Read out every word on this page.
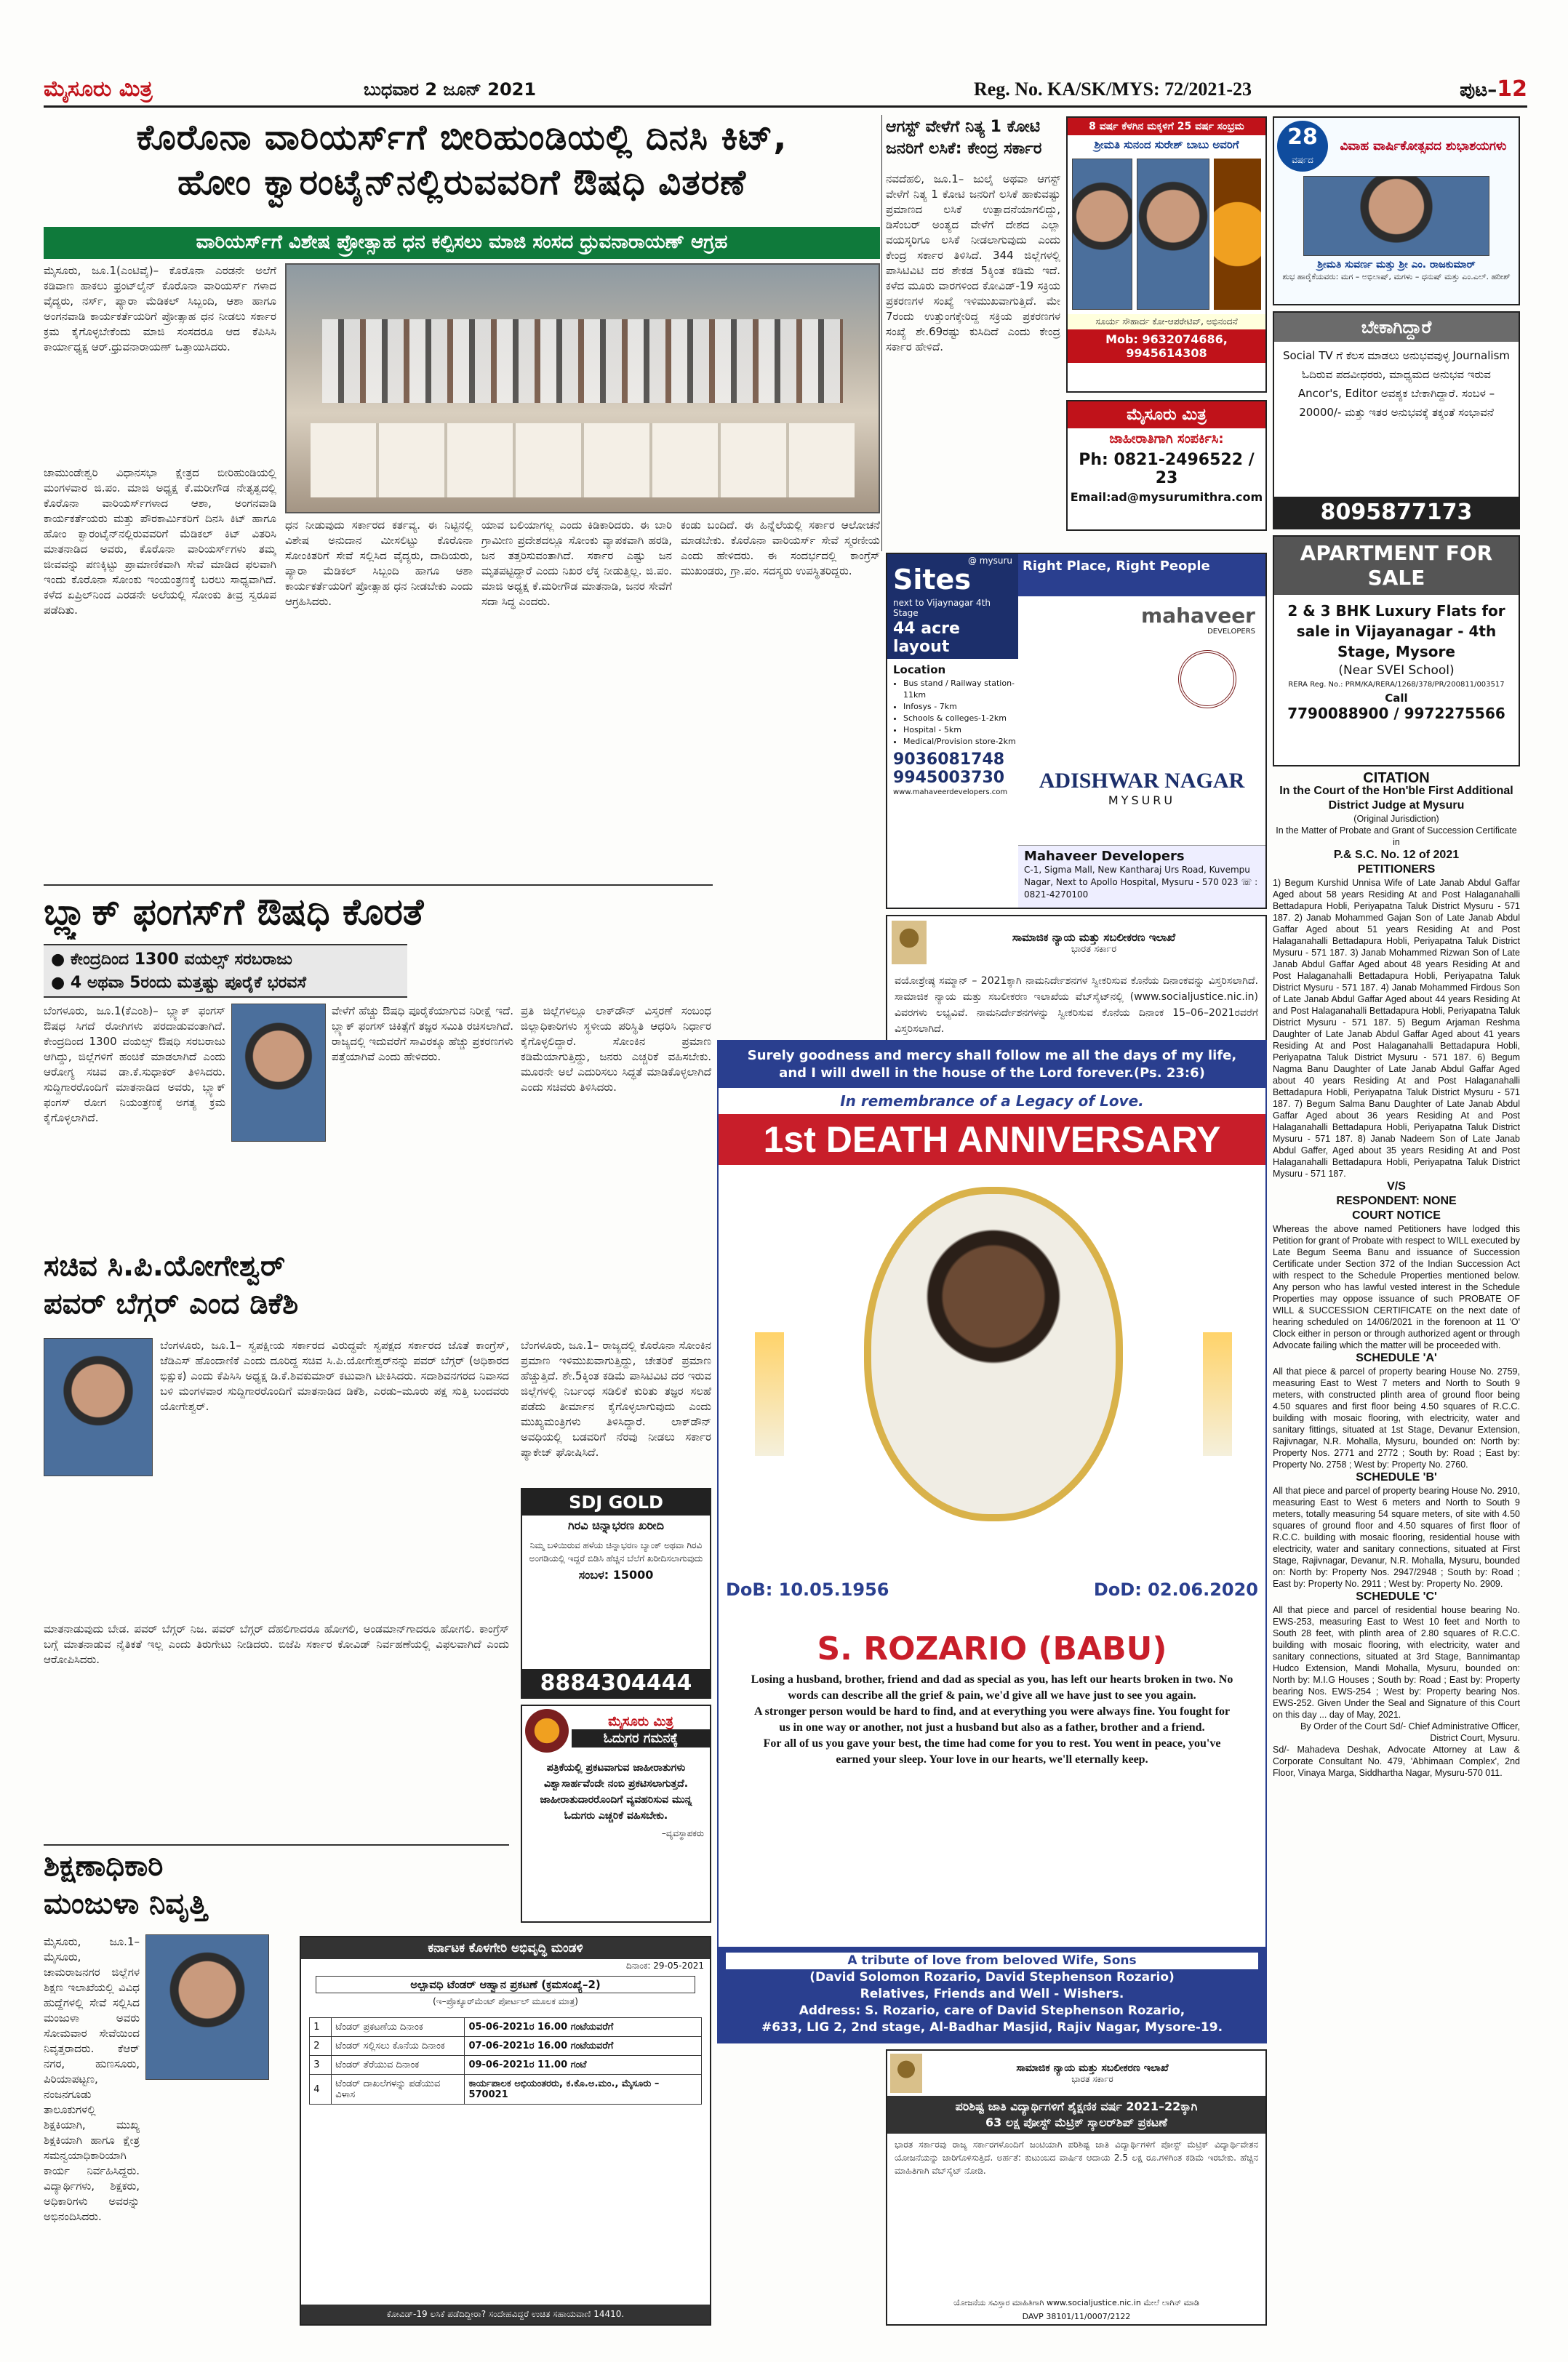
ಮೈಸೂರು ಮಿತ್ರ	ಬುಧವಾರ 2 ಜೂನ್ 2021	Reg. No. KA/SK/MYS: 72/2021-23	ಪುಟ–12
ಕೊರೊನಾ ವಾರಿಯರ್ಸ್‌ಗೆ ಬೀರಿಹುಂಡಿಯಲ್ಲಿ ದಿನಸಿ ಕಿಟ್,
ಹೋಂ ಕ್ವಾರಂಟೈನ್‌ನಲ್ಲಿರುವವರಿಗೆ ಔಷಧಿ ವಿತರಣೆ
ವಾರಿಯರ್ಸ್‌ಗೆ ವಿಶೇಷ ಪ್ರೋತ್ಸಾಹ ಧನ ಕಲ್ಪಿಸಲು ಮಾಜಿ ಸಂಸದ ಧ್ರುವನಾರಾಯಣ್ ಆಗ್ರಹ

ಮೈಸೂರು, ಜೂ.1(ಎಂಟಿವೈ)– ಕೊರೊನಾ ಎರಡನೇ ಅಲೆಗೆ ಕಡಿವಾಣ ಹಾಕಲು ಫ್ರಂಟ್‌ಲೈನ್ ಕೊರೊನಾ ವಾರಿಯರ್ಸ್ ಗಳಾದ ವೈದ್ಯರು, ನರ್ಸ್, ಪ್ಯಾರಾ ಮೆಡಿಕಲ್ ಸಿಬ್ಬಂದಿ, ಆಶಾ ಹಾಗೂ ಅಂಗನವಾಡಿ ಕಾರ್ಯಕರ್ತೆಯರಿಗೆ ಪ್ರೋತ್ಸಾಹ ಧನ ನೀಡಲು ಸರ್ಕಾರ ಕ್ರಮ ಕೈಗೊಳ್ಳಬೇಕೆಂದು ಮಾಜಿ ಸಂಸದರೂ ಆದ ಕೆಪಿಸಿಸಿ ಕಾರ್ಯಾಧ್ಯಕ್ಷ ಆರ್.ಧ್ರುವನಾರಾಯಣ್ ಒತ್ತಾಯಿಸಿದರು.

ಚಾಮುಂಡೇಶ್ವರಿ ವಿಧಾನಸಭಾ ಕ್ಷೇತ್ರದ ಬೀರಿಹುಂಡಿಯಲ್ಲಿ ಮಂಗಳವಾರ ಜಿ.ಪಂ. ಮಾಜಿ ಅಧ್ಯಕ್ಷ ಕೆ.ಮರೀಗೌಡ ನೇತೃತ್ವದಲ್ಲಿ ಕೊರೊನಾ ವಾರಿಯರ್ಸ್‌ಗಳಾದ ಆಶಾ, ಅಂಗನವಾಡಿ ಕಾರ್ಯಕರ್ತೆಯರು ಮತ್ತು ಪೌರಕಾರ್ಮಿಕರಿಗೆ ದಿನಸಿ ಕಿಟ್ ಹಾಗೂ ಹೋಂ ಕ್ವಾರಂಟೈನ್‌ನಲ್ಲಿರುವವರಿಗೆ ಮೆಡಿಕಲ್ ಕಿಟ್ ವಿತರಿಸಿ ಮಾತನಾಡಿದ ಅವರು, ಕೊರೊನಾ ವಾರಿಯರ್ಸ್‌ಗಳು ತಮ್ಮ ಜೀವವನ್ನು ಪಣಕ್ಕಿಟ್ಟು ಪ್ರಾಮಾಣಿಕವಾಗಿ ಸೇವೆ ಮಾಡಿದ ಫಲವಾಗಿ ಇಂದು ಕೊರೊನಾ ಸೋಂಕು ಇಂಯಂತ್ರಣಕ್ಕೆ ಬರಲು ಸಾಧ್ಯವಾಗಿದೆ. ಕಳೆದ ಏಪ್ರಿಲ್‌ನಿಂದ ಎರಡನೇ ಅಲೆಯಲ್ಲಿ ಸೋಂಕು ತೀವ್ರ ಸ್ವರೂಪ ಪಡೆದಿತು.

ಧನ ನೀಡುವುದು ಸರ್ಕಾರದ ಕರ್ತವ್ಯ. ಈ ನಿಟ್ಟಿನಲ್ಲಿ ವಿಶೇಷ ಅನುದಾನ ಮೀಸಲಿಟ್ಟು ಕೊರೊನಾ ಸೋಂಕಿತರಿಗೆ ಸೇವೆ ಸಲ್ಲಿಸಿದ ವೈದ್ಯರು, ದಾದಿಯರು, ಪ್ಯಾರಾ ಮೆಡಿಕಲ್ ಸಿಬ್ಬಂದಿ ಹಾಗೂ ಆಶಾ ಕಾರ್ಯಕರ್ತೆಯರಿಗೆ ಪ್ರೋತ್ಸಾಹ ಧನ ನೀಡಬೇಕು ಎಂದು ಆಗ್ರಹಿಸಿದರು.

ಯಾವ ಬಲಿಯಾಗಲ್ಲ ಎಂದು ಕಿಡಿಕಾರಿದರು. ಈ ಬಾರಿ ಗ್ರಾಮೀಣ ಪ್ರದೇಶದಲ್ಲೂ ಸೋಂಕು ವ್ಯಾಪಕವಾಗಿ ಹರಡಿ, ಜನ ತತ್ತರಿಸುವಂತಾಗಿದೆ. ಸರ್ಕಾರ ಎಷ್ಟು ಜನ ಮೃತಪಟ್ಟಿದ್ದಾರೆ ಎಂದು ನಿಖರ ಲೆಕ್ಕ ನೀಡುತ್ತಿಲ್ಲ. ಜಿ.ಪಂ. ಮಾಜಿ ಅಧ್ಯಕ್ಷ ಕೆ.ಮರೀಗೌಡ ಮಾತನಾಡಿ, ಜನರ ಸೇವೆಗೆ ಸದಾ ಸಿದ್ಧ ಎಂದರು.

ಕಂಡು ಬಂದಿದೆ. ಈ ಹಿನ್ನೆಲೆಯಲ್ಲಿ ಸರ್ಕಾರ ಆಲೋಚನೆ ಮಾಡಬೇಕು. ಕೊರೊನಾ ವಾರಿಯರ್ಸ್ ಸೇವೆ ಸ್ಮರಣೀಯ ಎಂದು ಹೇಳಿದರು. ಈ ಸಂದರ್ಭದಲ್ಲಿ ಕಾಂಗ್ರೆಸ್ ಮುಖಂಡರು, ಗ್ರಾ.ಪಂ. ಸದಸ್ಯರು ಉಪಸ್ಥಿತರಿದ್ದರು.

ಆಗಸ್ಟ್ ವೇಳೆಗೆ ನಿತ್ಯ 1 ಕೋಟಿ
ಜನರಿಗೆ ಲಸಿಕೆ: ಕೇಂದ್ರ ಸರ್ಕಾರ

ನವದೆಹಲಿ, ಜೂ.1– ಜುಲೈ ಅಥವಾ ಆಗಸ್ಟ್ ವೇಳೆಗೆ ನಿತ್ಯ 1 ಕೋಟಿ ಜನರಿಗೆ ಲಸಿಕೆ ಹಾಕುವಷ್ಟು ಪ್ರಮಾಣದ ಲಸಿಕೆ ಉತ್ಪಾದನೆಯಾಗಲಿದ್ದು, ಡಿಸೆಂಬರ್ ಅಂತ್ಯದ ವೇಳೆಗೆ ದೇಶದ ಎಲ್ಲಾ ವಯಸ್ಕರಿಗೂ ಲಸಿಕೆ ನೀಡಲಾಗುವುದು ಎಂದು ಕೇಂದ್ರ ಸರ್ಕಾರ ತಿಳಿಸಿದೆ. 344 ಜಿಲ್ಲೆಗಳಲ್ಲಿ ಪಾಸಿಟಿವಿಟಿ ದರ ಶೇಕಡ 5ಕ್ಕಿಂತ ಕಡಿಮೆ ಇದೆ. ಕಳೆದ ಮೂರು ವಾರಗಳಿಂದ ಕೋವಿಡ್-19 ಸಕ್ರಿಯ ಪ್ರಕರಣಗಳ ಸಂಖ್ಯೆ ಇಳಿಮುಖವಾಗುತ್ತಿದೆ. ಮೇ 7ರಂದು ಉತ್ತುಂಗಕ್ಕೇರಿದ್ದ ಸಕ್ರಿಯ ಪ್ರಕರಣಗಳ ಸಂಖ್ಯೆ ಶೇ.69ರಷ್ಟು ಕುಸಿದಿದೆ ಎಂದು ಕೇಂದ್ರ ಸರ್ಕಾರ ಹೇಳಿದೆ.

8 ವರ್ಷ ಕೆಳಗಿನ ಮಕ್ಕಳಿಗೆ 25 ವರ್ಷ ಸಂಭ್ರಮ
ಶ್ರೀಮತಿ ಸುನಂದ ಸುರೇಶ್ ಬಾಬು ಅವರಿಗೆ
ಸೂರ್ಯ ಸೌಹಾರ್ದ ಕೋ-ಆಪರೇಟಿವ್, ಅಭಿನಂದನೆ
Mob: 9632074686, 9945614308
ಮೈಸೂರು ಮಿತ್ರ
ಜಾಹೀರಾತಿಗಾಗಿ ಸಂಪರ್ಕಿಸಿ:
Ph: 0821-2496522 / 23
Email:ad@mysurumithra.com
28
ವರ್ಷದ
ವಿವಾಹ ವಾರ್ಷಿಕೋತ್ಸವದ ಶುಭಾಶಯಗಳು
ಶ್ರೀಮತಿ ಸುವರ್ಣ ಮತ್ತು ಶ್ರೀ ಎಂ. ರಾಜಕುಮಾರ್
ಶುಭ ಹಾರೈಕೆಯವರು: ಮಗ – ಅಭಿಲಾಷ್, ಮಗಳು – ಧನುಷ್ ಮತ್ತು ಎಂ.ಎಲ್. ಹರೀಶ್
ಬೇಕಾಗಿದ್ದಾರೆ
Social TV ಗೆ ಕೆಲಸ ಮಾಡಲು ಅನುಭವವುಳ್ಳ Journalism ಓದಿರುವ ಪದವೀಧರರು, ಮಾಧ್ಯಮದ ಅನುಭವ ಇರುವ Ancor's, Editor ಅವಶ್ಯಕ ಬೇಕಾಗಿದ್ದಾರೆ. ಸಂಬಳ – 20000/- ಮತ್ತು ಇತರ ಅನುಭವಕ್ಕೆ ತಕ್ಕಂತೆ ಸಂಭಾವನೆ
8095877173
APARTMENT FOR SALE
2 & 3 BHK Luxury Flats for sale in Vijayanagar - 4th Stage, Mysore
(Near SVEI School)
RERA Reg. No.: PRM/KA/RERA/1268/378/PR/200811/003517
Call
7790088900 / 9972275566
CITATION
In the Court of the Hon'ble First Additional District Judge at Mysuru
(Original Jurisdiction)
In the Matter of Probate and Grant of Succession Certificate in
P.& S.C. No. 12 of 2021
PETITIONERS

1) Begum Kurshid Unnisa Wife of Late Janab Abdul Gaffar Aged about 58 years Residing At and Post Halaganahalli Bettadapura Hobli, Periyapatna Taluk District Mysuru - 571 187. 2) Janab Mohammed Gajan Son of Late Janab Abdul Gaffar Aged about 51 years Residing At and Post Halaganahalli Bettadapura Hobli, Periyapatna Taluk District Mysuru - 571 187. 3) Janab Mohammed Rizwan Son of Late Janab Abdul Gaffar Aged about 48 years Residing At and Post Halaganahalli Bettadapura Hobli, Periyapatna Taluk District Mysuru - 571 187. 4) Janab Mohammed Firdous Son of Late Janab Abdul Gaffar Aged about 44 years Residing At and Post Halaganahalli Bettadapura Hobli, Periyapatna Taluk District Mysuru - 571 187. 5) Begum Arjaman Reshma Daughter of Late Janab Abdul Gaffar Aged about 41 years Residing At and Post Halaganahalli Bettadapura Hobli, Periyapatna Taluk District Mysuru - 571 187. 6) Begum Nagma Banu Daughter of Late Janab Abdul Gaffar Aged about 40 years Residing At and Post Halaganahalli Bettadapura Hobli, Periyapatna Taluk District Mysuru - 571 187. 7) Begum Salma Banu Daughter of Late Janab Abdul Gaffar Aged about 36 years Residing At and Post Halaganahalli Bettadapura Hobli, Periyapatna Taluk District Mysuru - 571 187. 8) Janab Nadeem Son of Late Janab Abdul Gaffer, Aged about 35 years Residing At and Post Halaganahalli Bettadapura Hobli, Periyapatna Taluk District Mysuru - 571 187.

V/S
RESPONDENT: NONE
COURT NOTICE

Whereas the above named Petitioners have lodged this Petition for grant of Probate with respect to WILL executed by Late Begum Seema Banu and issuance of Succession Certificate under Section 372 of the Indian Succession Act with respect to the Schedule Properties mentioned below. Any person who has lawful vested interest in the Schedule Properties may oppose issuance of such PROBATE OF WILL & SUCCESSION CERTIFICATE on the next date of hearing scheduled on 14/06/2021 in the forenoon at 11 'O' Clock either in person or through authorized agent or through Advocate failing which the matter will be proceeded with.

SCHEDULE 'A'

All that piece & parcel of property bearing House No. 2759, measuring East to West 7 meters and North to South 9 meters, with constructed plinth area of ground floor being 4.50 squares and first floor being 4.50 squares of R.C.C. building with mosaic flooring, with electricity, water and sanitary fittings, situated at 1st Stage, Devanur Extension, Rajivnagar, N.R. Mohalla, Mysuru, bounded on: North by: Property Nos. 2771 and 2772 ; South by: Road ; East by: Property No. 2758 ; West by: Property No. 2760.

SCHEDULE 'B'

All that piece and parcel of property bearing House No. 2910, measuring East to West 6 meters and North to South 9 meters, totally measuring 54 square meters, of site with 4.50 squares of ground floor and 4.50 squares of first floor of R.C.C. building with mosaic flooring, residential house with electricity, water and sanitary connections, situated at First Stage, Rajivnagar, Devanur, N.R. Mohalla, Mysuru, bounded on: North by: Property Nos. 2947/2948 ; South by: Road ; East by: Property No. 2911 ; West by: Property No. 2909.

SCHEDULE 'C'

All that piece and parcel of residential house bearing No. EWS-253, measuring East to West 10 feet and North to South 28 feet, with plinth area of 2.80 squares of R.C.C. building with mosaic flooring, with electricity, water and sanitary connections, situated at 3rd Stage, Bannimantap Hudco Extension, Mandi Mohalla, Mysuru, bounded on: North by: M.I.G Houses ; South by: Road ; East by: Property bearing Nos. EWS-254 ; West by: Property bearing Nos. EWS-252. Given Under the Seal and Signature of this Court on this day ... day of May, 2021.

By Order of the Court Sd/- Chief Administrative Officer, District Court, Mysuru.

Sd/- Mahadeva Deshak, Advocate Attorney at Law & Corporate Consultant No. 479, 'Abhimaan Complex', 2nd Floor, Vinaya Marga, Siddhartha Nagar, Mysuru-570 011.

@ mysuru
Sites	Right Place, Right People
next to Vijaynagar 4th Stage
44 acre layout
Location
• Bus stand / Railway station-11km
• Infosys - 7km
• Schools & colleges-1-2km
• Hospital - 5km
• Medical/Provision store-2km
9036081748
9945003730
www.mahaveerdevelopers.com
mahaveer
DEVELOPERS
ADISHWAR NAGAR
MYSURU
Mahaveer Developers
C-1, Sigma Mall, New Kantharaj Urs Road, Kuvempu Nagar, Next to Apollo Hospital, Mysuru - 570 023 ☏ : 0821-4270100
ಸಾಮಾಜಿಕ ನ್ಯಾಯ ಮತ್ತು ಸಬಲೀಕರಣ ಇಲಾಖೆ
ಭಾರತ ಸರ್ಕಾರ
ವಯೋಶ್ರೇಷ್ಠ ಸಮ್ಮಾನ್ – 2021ಕ್ಕಾಗಿ ನಾಮನಿರ್ದೇಶನಗಳ ಸ್ವೀಕರಿಸುವ ಕೊನೆಯ ದಿನಾಂಕವನ್ನು ವಿಸ್ತರಿಸಲಾಗಿದೆ. ಸಾಮಾಜಿಕ ನ್ಯಾಯ ಮತ್ತು ಸಬಲೀಕರಣ ಇಲಾಖೆಯ ವೆಬ್‌ಸೈಟ್‌ನಲ್ಲಿ (www.socialjustice.nic.in) ವಿವರಗಳು ಲಭ್ಯವಿವೆ. ನಾಮನಿರ್ದೇಶನಗಳನ್ನು ಸ್ವೀಕರಿಸುವ ಕೊನೆಯ ದಿನಾಂಕ 15–06–2021ರವರೆಗೆ ವಿಸ್ತರಿಸಲಾಗಿದೆ.
Surely goodness and mercy shall follow me all the days of my life, and I will dwell in the house of the Lord forever.(Ps. 23:6)
In remembrance of a Legacy of Love.
1st DEATH ANNIVERSARY
DoB: 10.05.1956	DoD: 02.06.2020
S. ROZARIO (BABU)

Losing a husband, brother, friend and dad as special as you, has left our hearts broken in two. No words can describe all the grief & pain, we'd give all we have just to see you again.

A stronger person would be hard to find, and at everything you were always fine. You fought for us in one way or another, not just a husband but also as a father, brother and a friend.

For all of us you gave your best, the time had come for you to rest. You went in peace, you've earned your sleep. Your love in our hearts, we'll eternally keep.

A tribute of love from beloved Wife, Sons
(David Solomon Rozario, David Stephenson Rozario)
Relatives, Friends and Well - Wishers.
Address: S. Rozario, care of David Stephenson Rozario,
#633, LIG 2, 2nd stage, Al-Badhar Masjid, Rajiv Nagar, Mysore-19.
ಬ್ಲ್ಯಾಕ್ ಫಂಗಸ್‌ಗೆ ಔಷಧಿ ಕೊರತೆ
● ಕೇಂದ್ರದಿಂದ 1300 ವಯಲ್ಸ್ ಸರಬರಾಜು
● 4 ಅಥವಾ 5ರಂದು ಮತ್ತಷ್ಟು ಪೂರೈಕೆ ಭರವಸೆ

ಬೆಂಗಳೂರು, ಜೂ.1(ಕೆಎಂಶಿ)– ಬ್ಲ್ಯಾಕ್ ಫಂಗಸ್ ಔಷಧ ಸಿಗದೆ ರೋಗಿಗಳು ಪರದಾಡುವಂತಾಗಿದೆ. ಕೇಂದ್ರದಿಂದ 1300 ವಯಲ್ಸ್ ಔಷಧಿ ಸರಬರಾಜು ಆಗಿದ್ದು, ಜಿಲ್ಲೆಗಳಿಗೆ ಹಂಚಿಕೆ ಮಾಡಲಾಗಿದೆ ಎಂದು ಆರೋಗ್ಯ ಸಚಿವ ಡಾ.ಕೆ.ಸುಧಾಕರ್ ತಿಳಿಸಿದರು. ಸುದ್ದಿಗಾರರೊಂದಿಗೆ ಮಾತನಾಡಿದ ಅವರು, ಬ್ಲ್ಯಾಕ್ ಫಂಗಸ್ ರೋಗ ನಿಯಂತ್ರಣಕ್ಕೆ ಅಗತ್ಯ ಕ್ರಮ ಕೈಗೊಳ್ಳಲಾಗಿದೆ.

ವೇಳೆಗೆ ಹೆಚ್ಚು ಔಷಧಿ ಪೂರೈಕೆಯಾಗುವ ನಿರೀಕ್ಷೆ ಇದೆ. ಬ್ಲ್ಯಾಕ್ ಫಂಗಸ್ ಚಿಕಿತ್ಸೆಗೆ ತಜ್ಞರ ಸಮಿತಿ ರಚಿಸಲಾಗಿದೆ. ರಾಜ್ಯದಲ್ಲಿ ಇದುವರೆಗೆ ಸಾವಿರಕ್ಕೂ ಹೆಚ್ಚು ಪ್ರಕರಣಗಳು ಪತ್ತೆಯಾಗಿವೆ ಎಂದು ಹೇಳಿದರು.

ಪ್ರತಿ ಜಿಲ್ಲೆಗಳಲ್ಲೂ ಲಾಕ್‌ಡೌನ್ ವಿಸ್ತರಣೆ ಸಂಬಂಧ ಜಿಲ್ಲಾಧಿಕಾರಿಗಳು ಸ್ಥಳೀಯ ಪರಿಸ್ಥಿತಿ ಆಧರಿಸಿ ನಿರ್ಧಾರ ಕೈಗೊಳ್ಳಲಿದ್ದಾರೆ. ಸೋಂಕಿನ ಪ್ರಮಾಣ ಕಡಿಮೆಯಾಗುತ್ತಿದ್ದು, ಜನರು ಎಚ್ಚರಿಕೆ ವಹಿಸಬೇಕು. ಮೂರನೇ ಅಲೆ ಎದುರಿಸಲು ಸಿದ್ಧತೆ ಮಾಡಿಕೊಳ್ಳಲಾಗಿದೆ ಎಂದು ಸಚಿವರು ತಿಳಿಸಿದರು.

ಸಚಿವ ಸಿ.ಪಿ.ಯೋಗೇಶ್ವರ್
ಪವರ್ ಬೆಗ್ಗರ್ ಎಂದ ಡಿಕೆಶಿ

ಬೆಂಗಳೂರು, ಜೂ.1– ಸ್ವಪಕ್ಷೀಯ ಸರ್ಕಾರದ ವಿರುದ್ಧವೇ ಸ್ವಪಕ್ಷದ ಸರ್ಕಾರದ ಜೊತೆ ಕಾಂಗ್ರೆಸ್, ಜೆಡಿಎಸ್ ಹೊಂದಾಣಿಕೆ ಎಂದು ದೂರಿದ್ದ ಸಚಿವ ಸಿ.ಪಿ.ಯೋಗೇಶ್ವರ್‌ನನ್ನು ಪವರ್ ಬೆಗ್ಗರ್ (ಅಧಿಕಾರದ ಭಿಕ್ಷುಕ) ಎಂದು ಕೆಪಿಸಿಸಿ ಅಧ್ಯಕ್ಷ ಡಿ.ಕೆ.ಶಿವಕುಮಾರ್ ಕಟುವಾಗಿ ಟೀಕಿಸಿದರು. ಸದಾಶಿವನಗರದ ನಿವಾಸದ ಬಳಿ ಮಂಗಳವಾರ ಸುದ್ದಿಗಾರರೊಂದಿಗೆ ಮಾತನಾಡಿದ ಡಿಕೆಶಿ, ಎರಡು–ಮೂರು ಪಕ್ಷ ಸುತ್ತಿ ಬಂದವರು ಯೋಗೇಶ್ವರ್.

ಮಾತನಾಡುವುದು ಬೇಡ. ಪವರ್ ಬೆಗ್ಗರ್ ನಿಜ. ಪವರ್ ಬೆಗ್ಗರ್ ದೆಹಲಿಗಾದರೂ ಹೋಗಲಿ, ಅಂಡಮಾನ್‌ಗಾದರೂ ಹೋಗಲಿ. ಕಾಂಗ್ರೆಸ್ ಬಗ್ಗೆ ಮಾತನಾಡುವ ನೈತಿಕತೆ ಇಲ್ಲ ಎಂದು ತಿರುಗೇಟು ನೀಡಿದರು. ಬಿಜೆಪಿ ಸರ್ಕಾರ ಕೋವಿಡ್ ನಿರ್ವಹಣೆಯಲ್ಲಿ ವಿಫಲವಾಗಿದೆ ಎಂದು ಆರೋಪಿಸಿದರು.

ಬೆಂಗಳೂರು, ಜೂ.1– ರಾಜ್ಯದಲ್ಲಿ ಕೊರೊನಾ ಸೋಂಕಿನ ಪ್ರಮಾಣ ಇಳಿಮುಖವಾಗುತ್ತಿದ್ದು, ಚೇತರಿಕೆ ಪ್ರಮಾಣ ಹೆಚ್ಚುತ್ತಿದೆ. ಶೇ.5ಕ್ಕಿಂತ ಕಡಿಮೆ ಪಾಸಿಟಿವಿಟಿ ದರ ಇರುವ ಜಿಲ್ಲೆಗಳಲ್ಲಿ ನಿರ್ಬಂಧ ಸಡಿಲಿಕೆ ಕುರಿತು ತಜ್ಞರ ಸಲಹೆ ಪಡೆದು ತೀರ್ಮಾನ ಕೈಗೊಳ್ಳಲಾಗುವುದು ಎಂದು ಮುಖ್ಯಮಂತ್ರಿಗಳು ತಿಳಿಸಿದ್ದಾರೆ. ಲಾಕ್‌ಡೌನ್ ಅವಧಿಯಲ್ಲಿ ಬಡವರಿಗೆ ನೆರವು ನೀಡಲು ಸರ್ಕಾರ ಪ್ಯಾಕೇಜ್ ಘೋಷಿಸಿದೆ.

SDJ GOLD
ಗಿರವಿ ಚಿನ್ನಾಭರಣ ಖರೀದಿ
ನಿಮ್ಮ ಬಳಿಯಿರುವ ಹಳೆಯ ಚಿನ್ನಾಭರಣ ಬ್ಯಾಂಕ್ ಅಥವಾ ಗಿರವಿ ಅಂಗಡಿಯಲ್ಲಿ ಇದ್ದರೆ ಬಿಡಿಸಿ ಹೆಚ್ಚಿನ ಬೆಲೆಗೆ ಖರೀದಿಸಲಾಗುವುದು
ಸಂಬಳ: 15000
8884304444
ಮೈಸೂರು ಮಿತ್ರ
ಓದುಗರ ಗಮನಕ್ಕೆ
ಪತ್ರಿಕೆಯಲ್ಲಿ ಪ್ರಕಟವಾಗುವ ಜಾಹೀರಾತುಗಳು ವಿಶ್ವಾಸಾರ್ಹವೆಂದೇ ನಂಬಿ ಪ್ರಕಟಿಸಲಾಗುತ್ತದೆ. ಜಾಹೀರಾತುದಾರರೊಂದಿಗೆ ವ್ಯವಹರಿಸುವ ಮುನ್ನ ಓದುಗರು ಎಚ್ಚರಿಕೆ ವಹಿಸಬೇಕು.
–ವ್ಯವಸ್ಥಾಪಕರು
ಶಿಕ್ಷಣಾಧಿಕಾರಿ
ಮಂಜುಳಾ ನಿವೃತ್ತಿ

ಮೈಸೂರು, ಜೂ.1– ಮೈಸೂರು, ಚಾಮರಾಜನಗರ ಜಿಲ್ಲೆಗಳ ಶಿಕ್ಷಣ ಇಲಾಖೆಯಲ್ಲಿ ವಿವಿಧ ಹುದ್ದೆಗಳಲ್ಲಿ ಸೇವೆ ಸಲ್ಲಿಸಿದ ಮಂಜುಳಾ ಅವರು ಸೋಮವಾರ ಸೇವೆಯಿಂದ ನಿವೃತ್ತರಾದರು. ಕೆಆರ್ ನಗರ, ಹುಣಸೂರು, ಪಿರಿಯಾಪಟ್ಟಣ, ನಂಜನಗೂಡು ತಾಲೂಕುಗಳಲ್ಲಿ ಶಿಕ್ಷಕಿಯಾಗಿ, ಮುಖ್ಯ ಶಿಕ್ಷಕಿಯಾಗಿ ಹಾಗೂ ಕ್ಷೇತ್ರ ಸಮನ್ವಯಾಧಿಕಾರಿಯಾಗಿ ಕಾರ್ಯ ನಿರ್ವಹಿಸಿದ್ದರು. ವಿದ್ಯಾರ್ಥಿಗಳು, ಶಿಕ್ಷಕರು, ಅಧಿಕಾರಿಗಳು ಅವರನ್ನು ಅಭಿನಂದಿಸಿದರು.

ಕರ್ನಾಟಕ ಕೊಳಗೇರಿ ಅಭಿವೃದ್ಧಿ ಮಂಡಳಿ
ದಿನಾಂಕ: 29-05-2021
ಅಲ್ಪಾವಧಿ ಟೆಂಡರ್ ಆಹ್ವಾನ ಪ್ರಕಟಣೆ (ಕ್ರಮಸಂಖ್ಯೆ–2)
(ಇ–ಪ್ರೊಕ್ಯೂರ್‌ಮೆಂಟ್ ಪೋರ್ಟಲ್ ಮೂಲಕ ಮಾತ್ರ)
1	ಟೆಂಡರ್ ಪ್ರಕಟಣೆಯ ದಿನಾಂಕ	05-06-2021ರ 16.00 ಗಂಟೆಯವರೆಗೆ
2	ಟೆಂಡರ್ ಸಲ್ಲಿಸಲು ಕೊನೆಯ ದಿನಾಂಕ	07-06-2021ರ 16.00 ಗಂಟೆಯವರೆಗೆ
3	ಟೆಂಡರ್ ತೆರೆಯುವ ದಿನಾಂಕ	09-06-2021ರ 11.00 ಗಂಟೆ
4	ಟೆಂಡರ್ ದಾಖಲೆಗಳನ್ನು ಪಡೆಯುವ ವಿಳಾಸ	ಕಾರ್ಯಪಾಲಕ ಅಭಿಯಂತರರು, ಕ.ಕೊ.ಅ.ಮಂ., ಮೈಸೂರು – 570021
ಕೋವಿಡ್-19 ಲಸಿಕೆ ಪಡೆದಿದ್ದೀರಾ? ಸಂದೇಹವಿದ್ದರೆ ಉಚಿತ ಸಹಾಯವಾಣಿ 14410.
ಸಾಮಾಜಿಕ ನ್ಯಾಯ ಮತ್ತು ಸಬಲೀಕರಣ ಇಲಾಖೆ
ಭಾರತ ಸರ್ಕಾರ
ಪರಿಶಿಷ್ಟ ಜಾತಿ ವಿದ್ಯಾರ್ಥಿಗಳಿಗೆ ಶೈಕ್ಷಣಿಕ ವರ್ಷ 2021–22ಕ್ಕಾಗಿ
63 ಲಕ್ಷ ಪೋಸ್ಟ್ ಮೆಟ್ರಿಕ್ ಸ್ಕಾಲರ್‌ಶಿಪ್ ಪ್ರಕಟಣೆ
ಭಾರತ ಸರ್ಕಾರವು ರಾಜ್ಯ ಸರ್ಕಾರಗಳೊಂದಿಗೆ ಜಂಟಿಯಾಗಿ ಪರಿಶಿಷ್ಟ ಜಾತಿ ವಿದ್ಯಾರ್ಥಿಗಳಿಗೆ ಪೋಸ್ಟ್ ಮೆಟ್ರಿಕ್ ವಿದ್ಯಾರ್ಥಿವೇತನ ಯೋಜನೆಯನ್ನು ಜಾರಿಗೊಳಿಸುತ್ತಿದೆ. ಅರ್ಹತೆ: ಕುಟುಂಬದ ವಾರ್ಷಿಕ ಆದಾಯ 2.5 ಲಕ್ಷ ರೂ.ಗಳಿಗಿಂತ ಕಡಿಮೆ ಇರಬೇಕು. ಹೆಚ್ಚಿನ ಮಾಹಿತಿಗಾಗಿ ವೆಬ್‌ಸೈಟ್ ನೋಡಿ.
ಯೋಜನೆಯ ಸವಿಸ್ತಾರ ಮಾಹಿತಿಗಾಗಿ www.socialjustice.nic.in ಮೇಲೆ ಲಾಗಿನ್ ಮಾಡಿ
DAVP 38101/11/0007/2122
